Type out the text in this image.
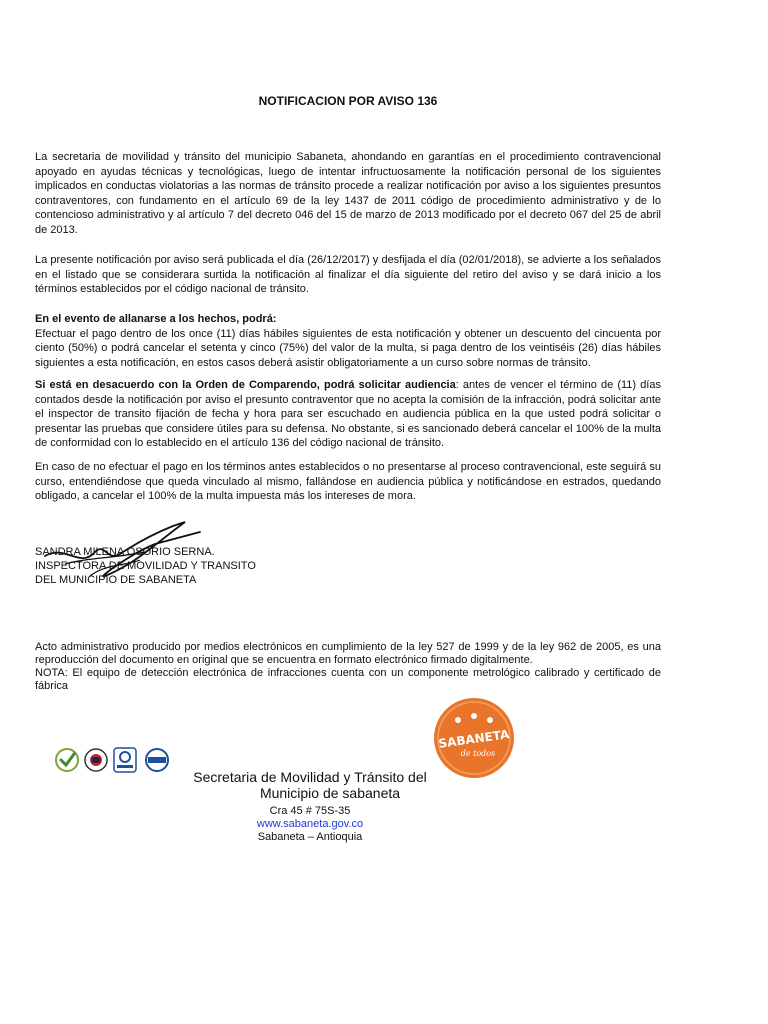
NOTIFICACION POR AVISO 136

La secretaria de movilidad y tránsito del municipio Sabaneta, ahondando en garantías en el procedimiento contravencional apoyado en ayudas técnicas y tecnológicas, luego de intentar infructuosamente la notificación personal de los siguientes implicados en conductas violatorias a las normas de tránsito procede a realizar notificación por aviso a los siguientes presuntos contraventores, con fundamento en el artículo 69 de la ley 1437 de 2011 código de procedimiento administrativo y de lo contencioso administrativo y al artículo 7 del decreto 046 del 15 de marzo de 2013 modificado por el decreto 067 del 25 de abril de 2013.

La presente notificación por aviso será publicada el día (26/12/2017) y desfijada el día (02/01/2018), se advierte a los señalados en el listado que se considerara surtida la notificación al finalizar el día siguiente del retiro del aviso y se dará inicio a los términos establecidos por el código nacional de tránsito.

En el evento de allanarse a los hechos, podrá:
Efectuar el pago dentro de los once (11) días hábiles siguientes de esta notificación y obtener un descuento del cincuenta por ciento (50%) o podrá cancelar el setenta y cinco (75%) del valor de la multa, si paga dentro de los veintiséis (26) días hábiles siguientes a esta notificación, en estos casos deberá asistir obligatoriamente a un curso sobre normas de tránsito.

Si está en desacuerdo con la Orden de Comparendo, podrá solicitar audiencia: antes de vencer el término de (11) días contados desde la notificación por aviso el presunto contraventor que no acepta la comisión de la infracción, podrá solicitar ante el inspector de transito fijación de fecha y hora para ser escuchado en audiencia pública en la que usted podrá solicitar o presentar las pruebas que considere útiles para su defensa. No obstante, si es sancionado deberá cancelar el 100% de la multa de conformidad con lo establecido en el artículo 136 del código nacional de tránsito.

En caso de no efectuar el pago en los términos antes establecidos o no presentarse al proceso contravencional, este seguirá su curso, entendiéndose que queda vinculado al mismo, fallándose en audiencia pública y notificándose en estrados, quedando obligado, a cancelar el 100% de la multa impuesta más los intereses de mora.

SANDRA MILENA OSORIO SERNA.
INSPECTORA DE MOVILIDAD Y TRANSITO
DEL MUNICIPIO DE SABANETA

Acto administrativo producido por medios electrónicos en cumplimiento de la ley 527 de 1999 y de la ley 962 de 2005, es una reproducción del documento en original que se encuentra en formato electrónico firmado digitalmente.
NOTA: El equipo de detección electrónica de infracciones cuenta con un componente metrológico calibrado y certificado de fábrica

Secretaria de Movilidad y Tránsito del
Municipio de sabaneta
Cra 45 # 75S-35
www.sabaneta.gov.co
Sabaneta – Antioquia
SABANETA
de todos
